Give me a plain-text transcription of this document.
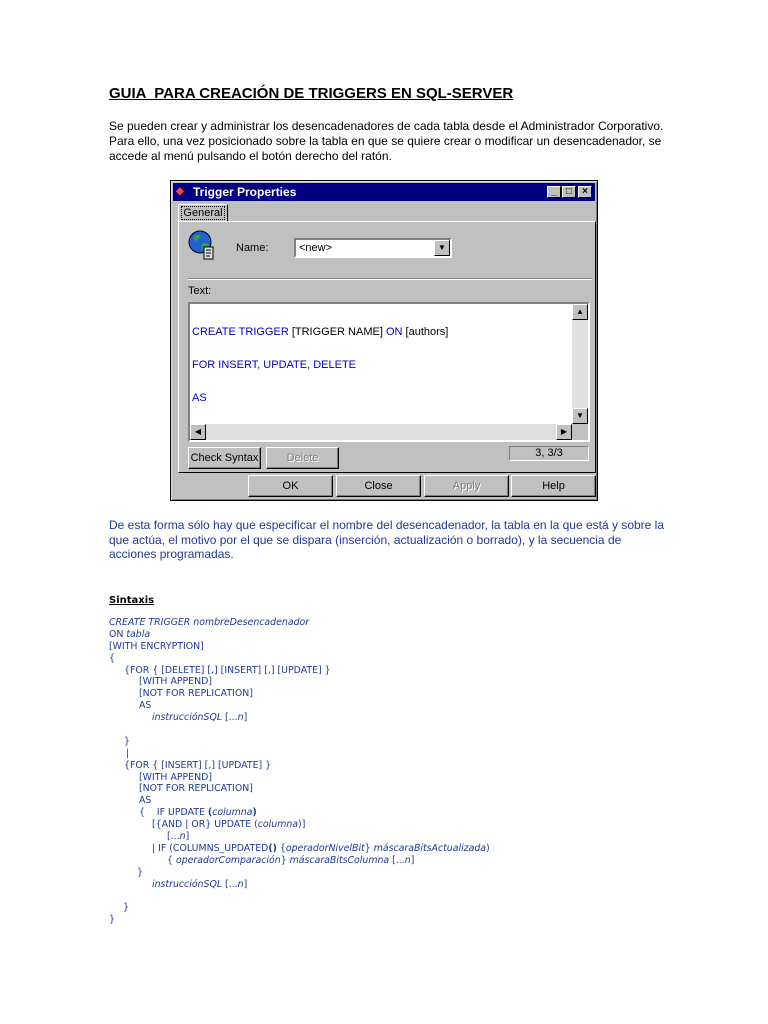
GUIA  PARA CREACIÓN DE TRIGGERS EN SQL-SERVER
Se pueden crear y administrar los desencadenadores de cada tabla desde el Administrador Corporativo. Para ello, una vez posicionado sobre la tabla en que se quiere crear o modificar un desencadenador, se accede al menú pulsando el botón derecho del ratón.
◆ Trigger Properties	_ □	×
General
Name:	<new>	▼
Text:

CREATE TRIGGER [TRIGGER NAME] ON [authors]

FOR INSERT, UPDATE, DELETE

AS

▲
▼
◀	▶
Check Syntax	Delete	3, 3/3
OK	Close	Apply	Help
De esta forma sólo hay que especificar el nombre del desencadenador, la tabla en la que está y sobre la que actúa, el motivo por el que se dispara (inserción, actualización o borrado), y la secuencia de acciones programadas.
Sintaxis
CREATE TRIGGER nombreDesencadenador
ON tabla
[WITH ENCRYPTION]
{
{FOR { [DELETE] [,] [INSERT] [,] [UPDATE] }
[WITH APPEND]
[NOT FOR REPLICATION]
AS
instrucciónSQL [...n]
}
|
{FOR { [INSERT] [,] [UPDATE] }
[WITH APPEND]
[NOT FOR REPLICATION]
AS
{    IF UPDATE (columna)
[{AND | OR} UPDATE (columna)]
[...n]
| IF (COLUMNS_UPDATED() {operadorNivelBit} máscaraBitsActualizada)
{ operadorComparación} máscaraBitsColumna [...n]
}
instrucciónSQL [...n]
}
}
